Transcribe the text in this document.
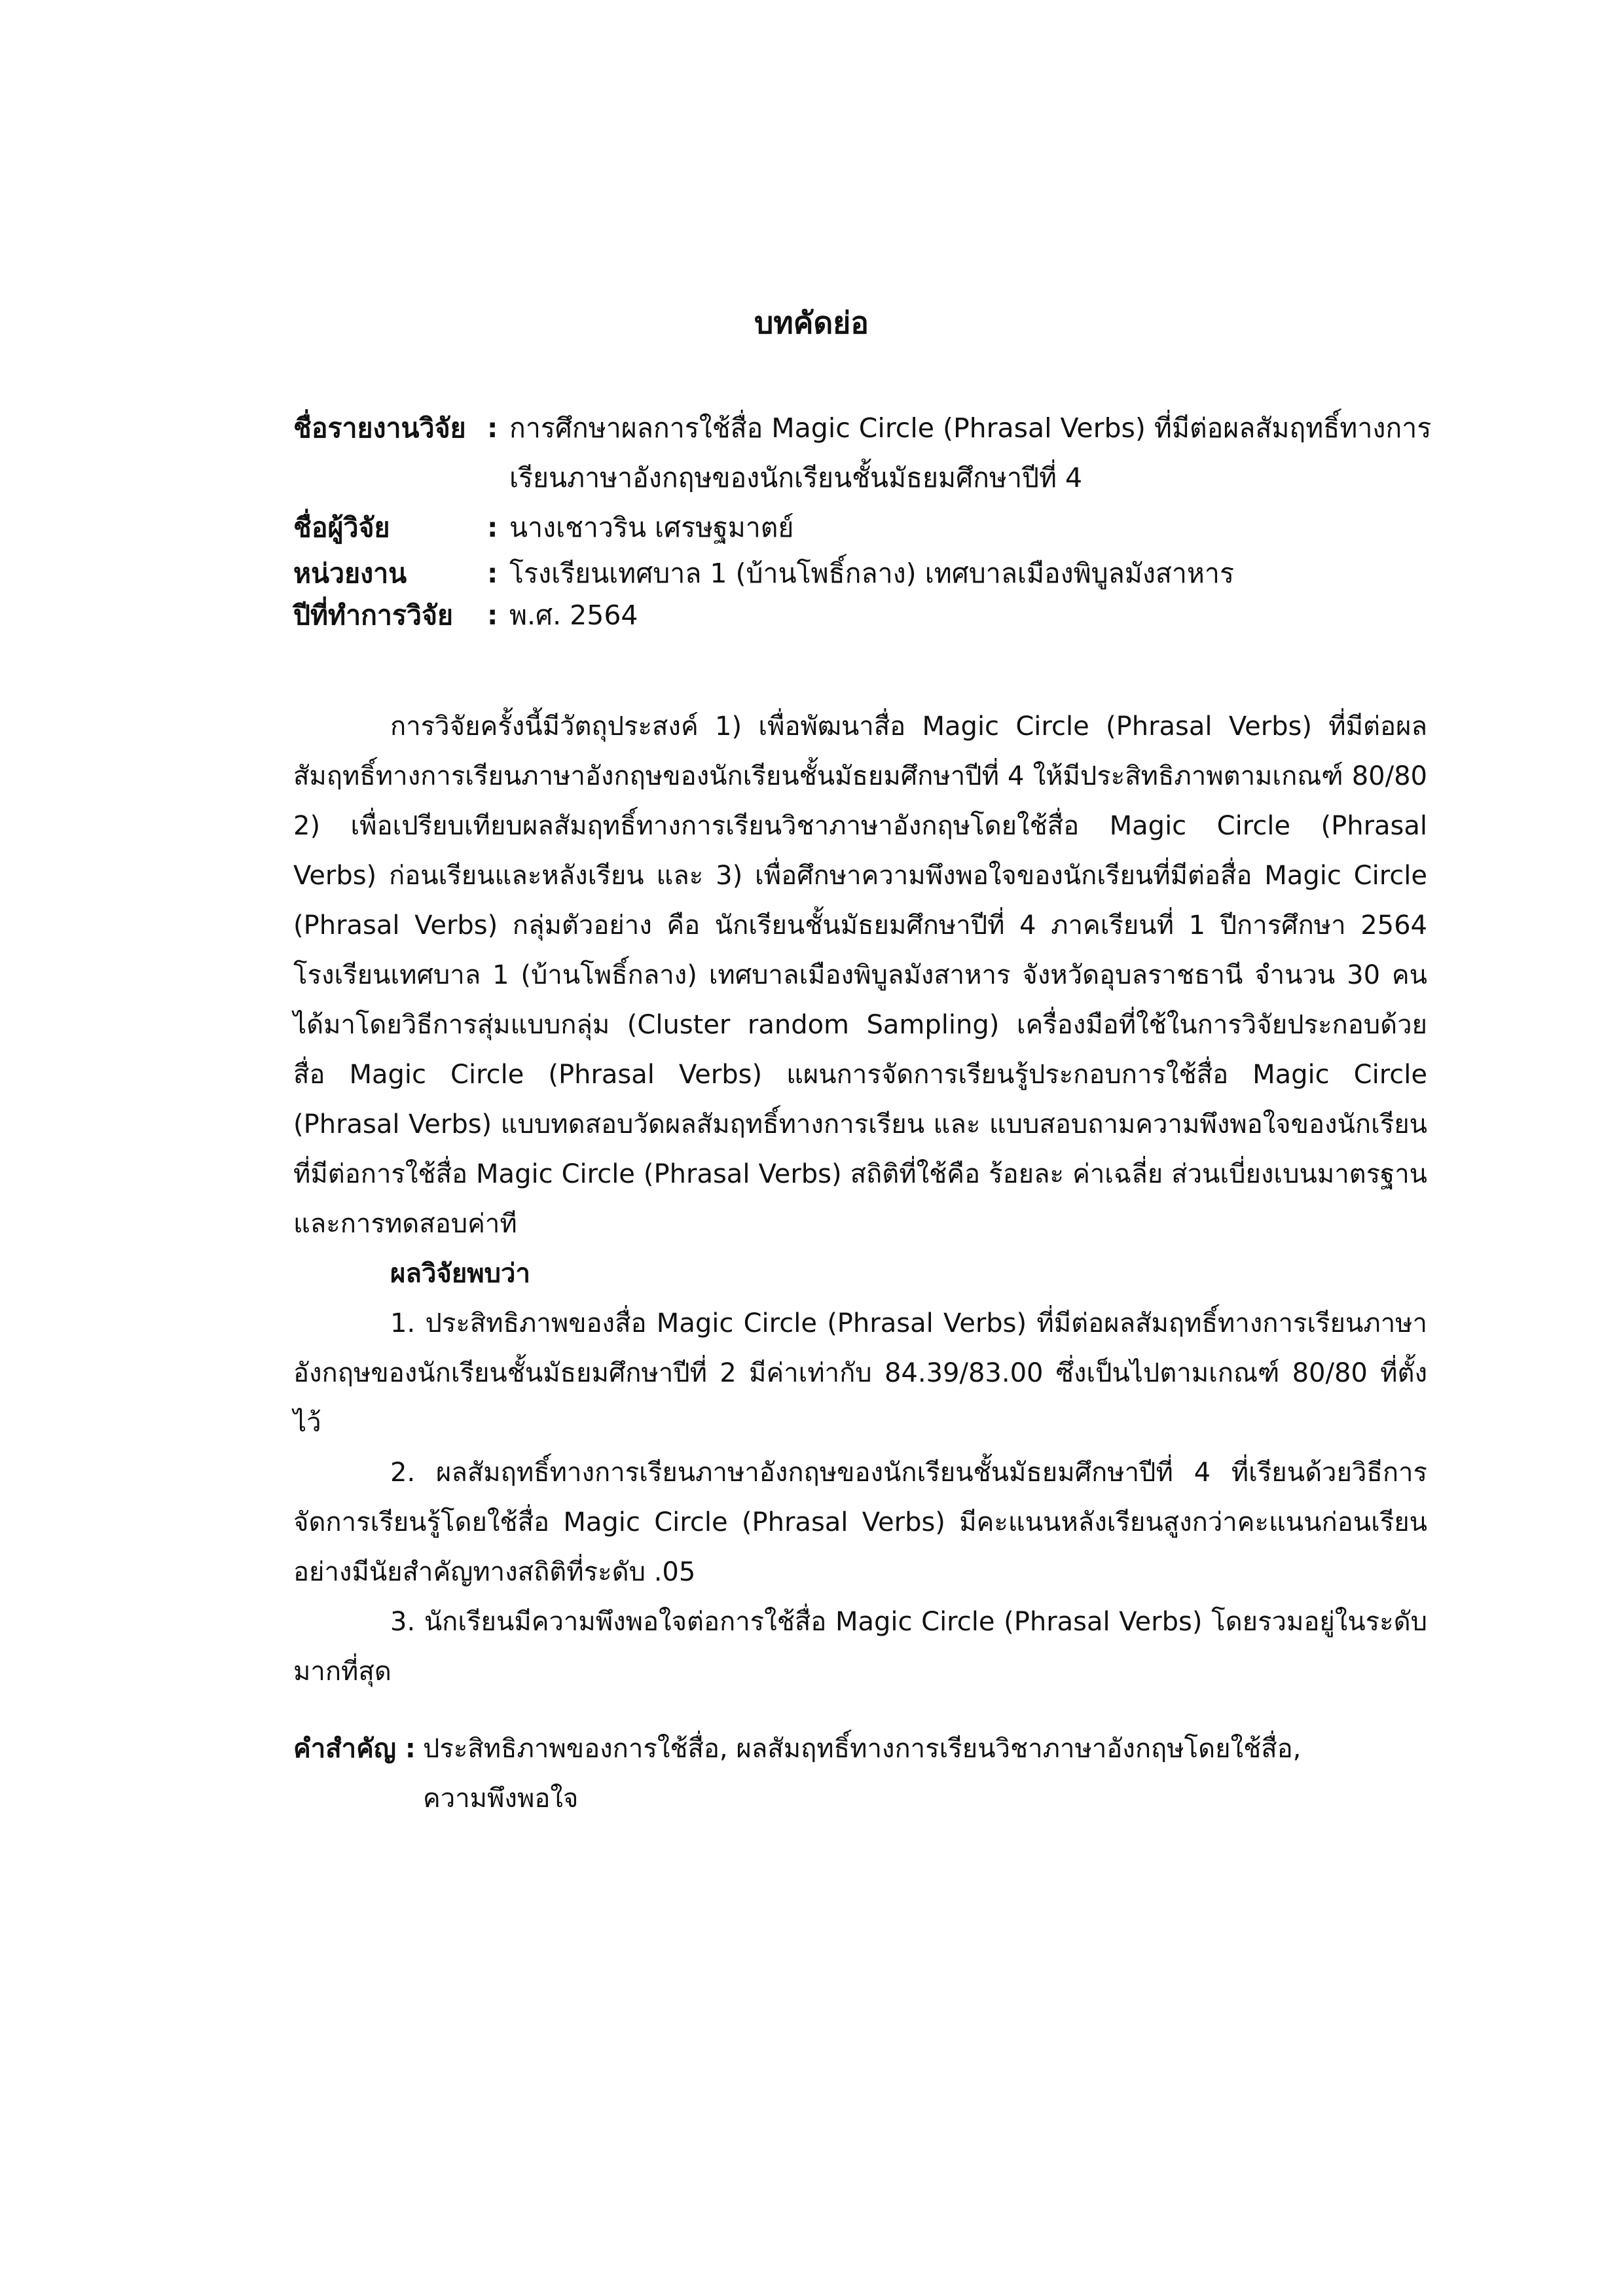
บทคัดย่อ
ชื่อรายงานวิจัย : การศึกษาผลการใช้สื่อ Magic Circle (Phrasal Verbs) ที่มีต่อผลสัมฤทธิ์ทางการ
เรียนภาษาอังกฤษของนักเรียนชั้นมัธยมศึกษาปีที่ 4
ชื่อผู้วิจัย	: นางเชาวริน เศรษฐมาตย์
หน่วยงาน	: โรงเรียนเทศบาล 1 (บ้านโพธิ์กลาง) เทศบาลเมืองพิบูลมังสาหาร
ปีที่ทำการวิจัย	: พ.ศ. 2564

การวิจัยครั้งนี้มีวัตถุประสงค์ 1) เพื่อพัฒนาสื่อ Magic Circle (Phrasal Verbs) ที่มีต่อผลสัมฤทธิ์ทางการเรียนภาษาอังกฤษของนักเรียนชั้นมัธยมศึกษาปีที่ 4 ให้มีประสิทธิภาพตามเกณฑ์ 80/80 2) เพื่อเปรียบเทียบผลสัมฤทธิ์ทางการเรียนวิชาภาษาอังกฤษโดยใช้สื่อ Magic Circle (Phrasal Verbs) ก่อนเรียนและหลังเรียน และ 3) เพื่อศึกษาความพึงพอใจของนักเรียนที่มีต่อสื่อ Magic Circle (Phrasal Verbs) กลุ่มตัวอย่าง คือ นักเรียนชั้นมัธยมศึกษาปีที่ 4 ภาคเรียนที่ 1 ปีการศึกษา 2564 โรงเรียนเทศบาล 1 (บ้านโพธิ์กลาง) เทศบาลเมืองพิบูลมังสาหาร จังหวัดอุบลราชธานี จำนวน 30 คน ได้มาโดยวิธีการสุ่มแบบกลุ่ม (Cluster random Sampling) เครื่องมือที่ใช้ในการวิจัยประกอบด้วย สื่อ Magic Circle (Phrasal Verbs) แผนการจัดการเรียนรู้ประกอบการใช้สื่อ Magic Circle (Phrasal Verbs) แบบทดสอบวัดผลสัมฤทธิ์ทางการเรียน และ แบบสอบถามความพึงพอใจของนักเรียนที่มีต่อการใช้สื่อ Magic Circle (Phrasal Verbs) สถิติที่ใช้คือ ร้อยละ ค่าเฉลี่ย ส่วนเบี่ยงเบนมาตรฐาน และการทดสอบค่าที

ผลวิจัยพบว่า

1. ประสิทธิภาพของสื่อ Magic Circle (Phrasal Verbs) ที่มีต่อผลสัมฤทธิ์ทางการเรียนภาษาอังกฤษของนักเรียนชั้นมัธยมศึกษาปีที่ 2 มีค่าเท่ากับ 84.39/83.00 ซึ่งเป็นไปตามเกณฑ์ 80/80 ที่ตั้งไว้

2. ผลสัมฤทธิ์ทางการเรียนภาษาอังกฤษของนักเรียนชั้นมัธยมศึกษาปีที่ 4 ที่เรียนด้วยวิธีการจัดการเรียนรู้โดยใช้สื่อ Magic Circle (Phrasal Verbs) มีคะแนนหลังเรียนสูงกว่าคะแนนก่อนเรียนอย่างมีนัยสำคัญทางสถิติที่ระดับ .05

3. นักเรียนมีความพึงพอใจต่อการใช้สื่อ Magic Circle (Phrasal Verbs) โดยรวมอยู่ในระดับมากที่สุด

คำสำคัญ : ประสิทธิภาพของการใช้สื่อ, ผลสัมฤทธิ์ทางการเรียนวิชาภาษาอังกฤษโดยใช้สื่อ,
ความพึงพอใจ
